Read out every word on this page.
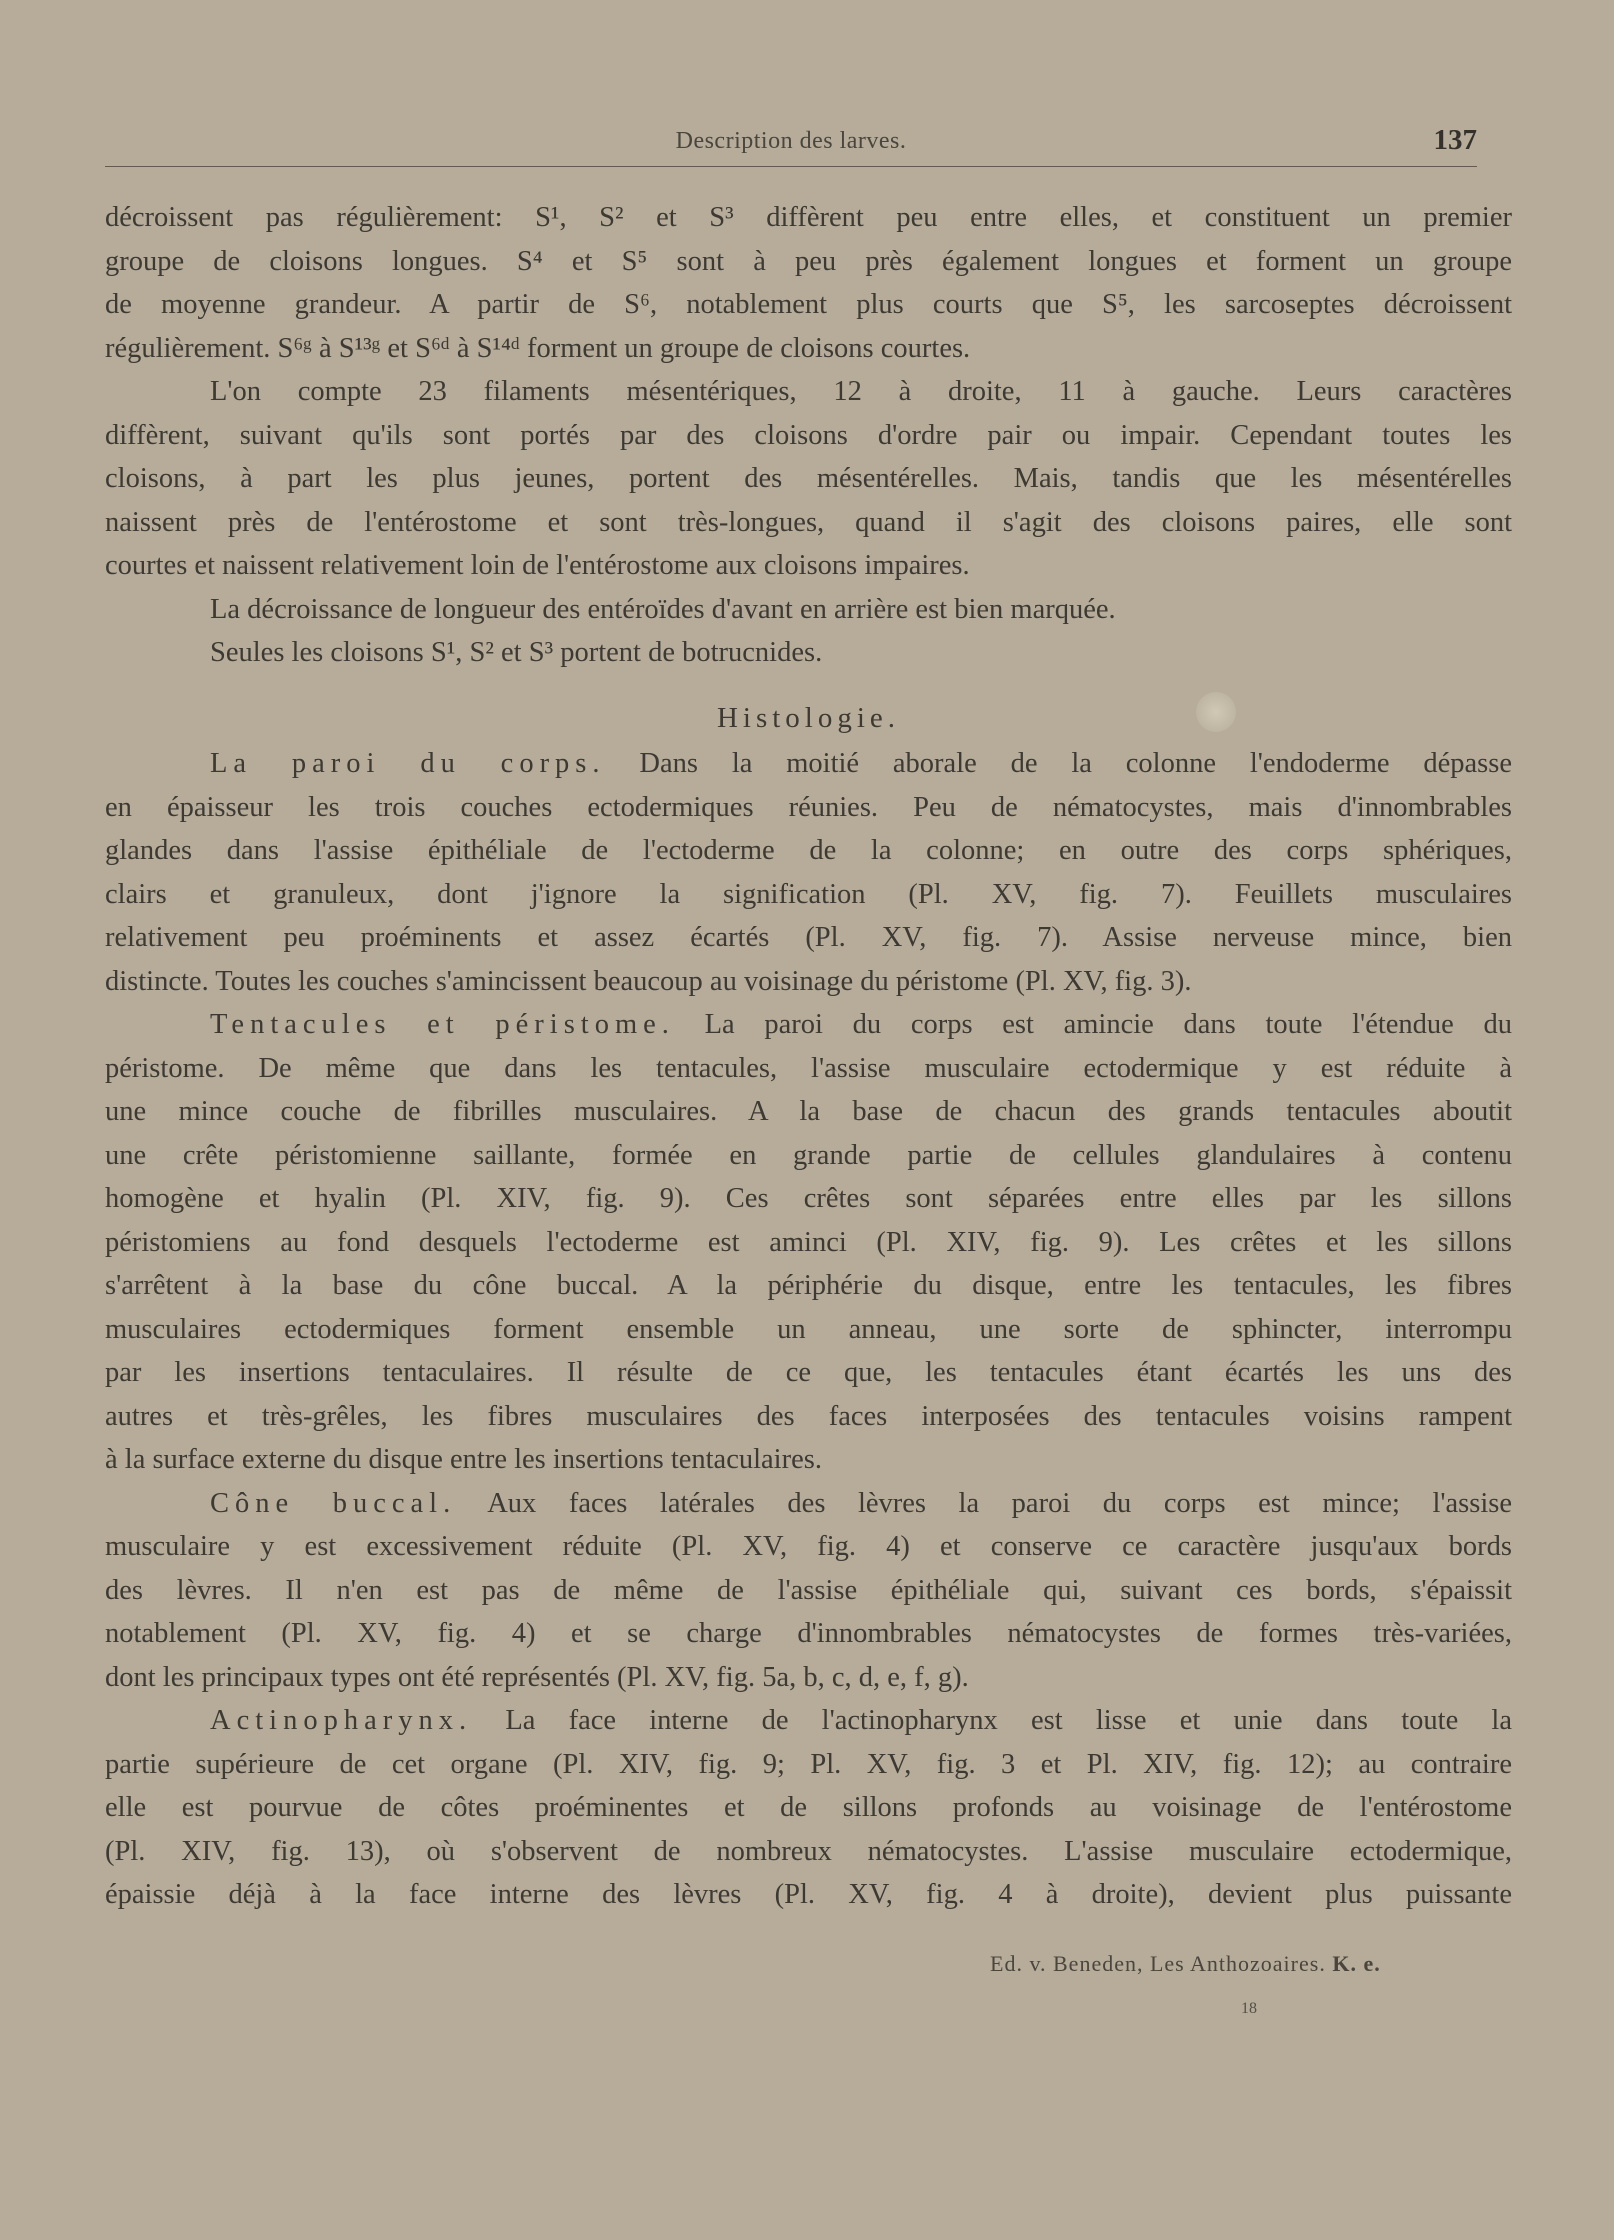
Description des larves.	137
décroissent pas régulièrement: S¹, S² et S³ diffèrent peu entre elles, et constituent un premier
groupe de cloisons longues. S⁴ et S⁵ sont à peu près également longues et forment un groupe
de moyenne grandeur. A partir de S⁶, notablement plus courts que S⁵, les sarcoseptes décroissent
régulièrement. S⁶ᵍ à S¹³ᵍ et S⁶ᵈ à S¹⁴ᵈ forment un groupe de cloisons courtes.
L'on compte 23 filaments mésentériques, 12 à droite, 11 à gauche. Leurs caractères
diffèrent, suivant qu'ils sont portés par des cloisons d'ordre pair ou impair. Cependant toutes les
cloisons, à part les plus jeunes, portent des mésentérelles. Mais, tandis que les mésentérelles
naissent près de l'entérostome et sont très-longues, quand il s'agit des cloisons paires, elle sont
courtes et naissent relativement loin de l'entérostome aux cloisons impaires.
La décroissance de longueur des entéroïdes d'avant en arrière est bien marquée.
Seules les cloisons S¹, S² et S³ portent de botrucnides.
Histologie.
La paroi du corps. Dans la moitié aborale de la colonne l'endoderme dépasse
en épaisseur les trois couches ectodermiques réunies. Peu de nématocystes, mais d'innombrables
glandes dans l'assise épithéliale de l'ectoderme de la colonne; en outre des corps sphériques,
clairs et granuleux, dont j'ignore la signification (Pl. XV, fig. 7). Feuillets musculaires
relativement peu proéminents et assez écartés (Pl. XV, fig. 7). Assise nerveuse mince, bien
distincte. Toutes les couches s'amincissent beaucoup au voisinage du péristome (Pl. XV, fig. 3).
Tentacules et péristome. La paroi du corps est amincie dans toute l'étendue du
péristome. De même que dans les tentacules, l'assise musculaire ectodermique y est réduite à
une mince couche de fibrilles musculaires. A la base de chacun des grands tentacules aboutit
une crête péristomienne saillante, formée en grande partie de cellules glandulaires à contenu
homogène et hyalin (Pl. XIV, fig. 9). Ces crêtes sont séparées entre elles par les sillons
péristomiens au fond desquels l'ectoderme est aminci (Pl. XIV, fig. 9). Les crêtes et les sillons
s'arrêtent à la base du cône buccal. A la périphérie du disque, entre les tentacules, les fibres
musculaires ectodermiques forment ensemble un anneau, une sorte de sphincter, interrompu
par les insertions tentaculaires. Il résulte de ce que, les tentacules étant écartés les uns des
autres et très-grêles, les fibres musculaires des faces interposées des tentacules voisins rampent
à la surface externe du disque entre les insertions tentaculaires.
Cône buccal. Aux faces latérales des lèvres la paroi du corps est mince; l'assise
musculaire y est excessivement réduite (Pl. XV, fig. 4) et conserve ce caractère jusqu'aux bords
des lèvres. Il n'en est pas de même de l'assise épithéliale qui, suivant ces bords, s'épaissit
notablement (Pl. XV, fig. 4) et se charge d'innombrables nématocystes de formes très-variées,
dont les principaux types ont été représentés (Pl. XV, fig. 5a, b, c, d, e, f, g).
Actinopharynx. La face interne de l'actinopharynx est lisse et unie dans toute la
partie supérieure de cet organe (Pl. XIV, fig. 9; Pl. XV, fig. 3 et Pl. XIV, fig. 12); au contraire
elle est pourvue de côtes proéminentes et de sillons profonds au voisinage de l'entérostome
(Pl. XIV, fig. 13), où s'observent de nombreux nématocystes. L'assise musculaire ectodermique,
épaissie déjà à la face interne des lèvres (Pl. XV, fig. 4 à droite), devient plus puissante
Ed. v. Beneden, Les Anthozoaires. K. e.
18
